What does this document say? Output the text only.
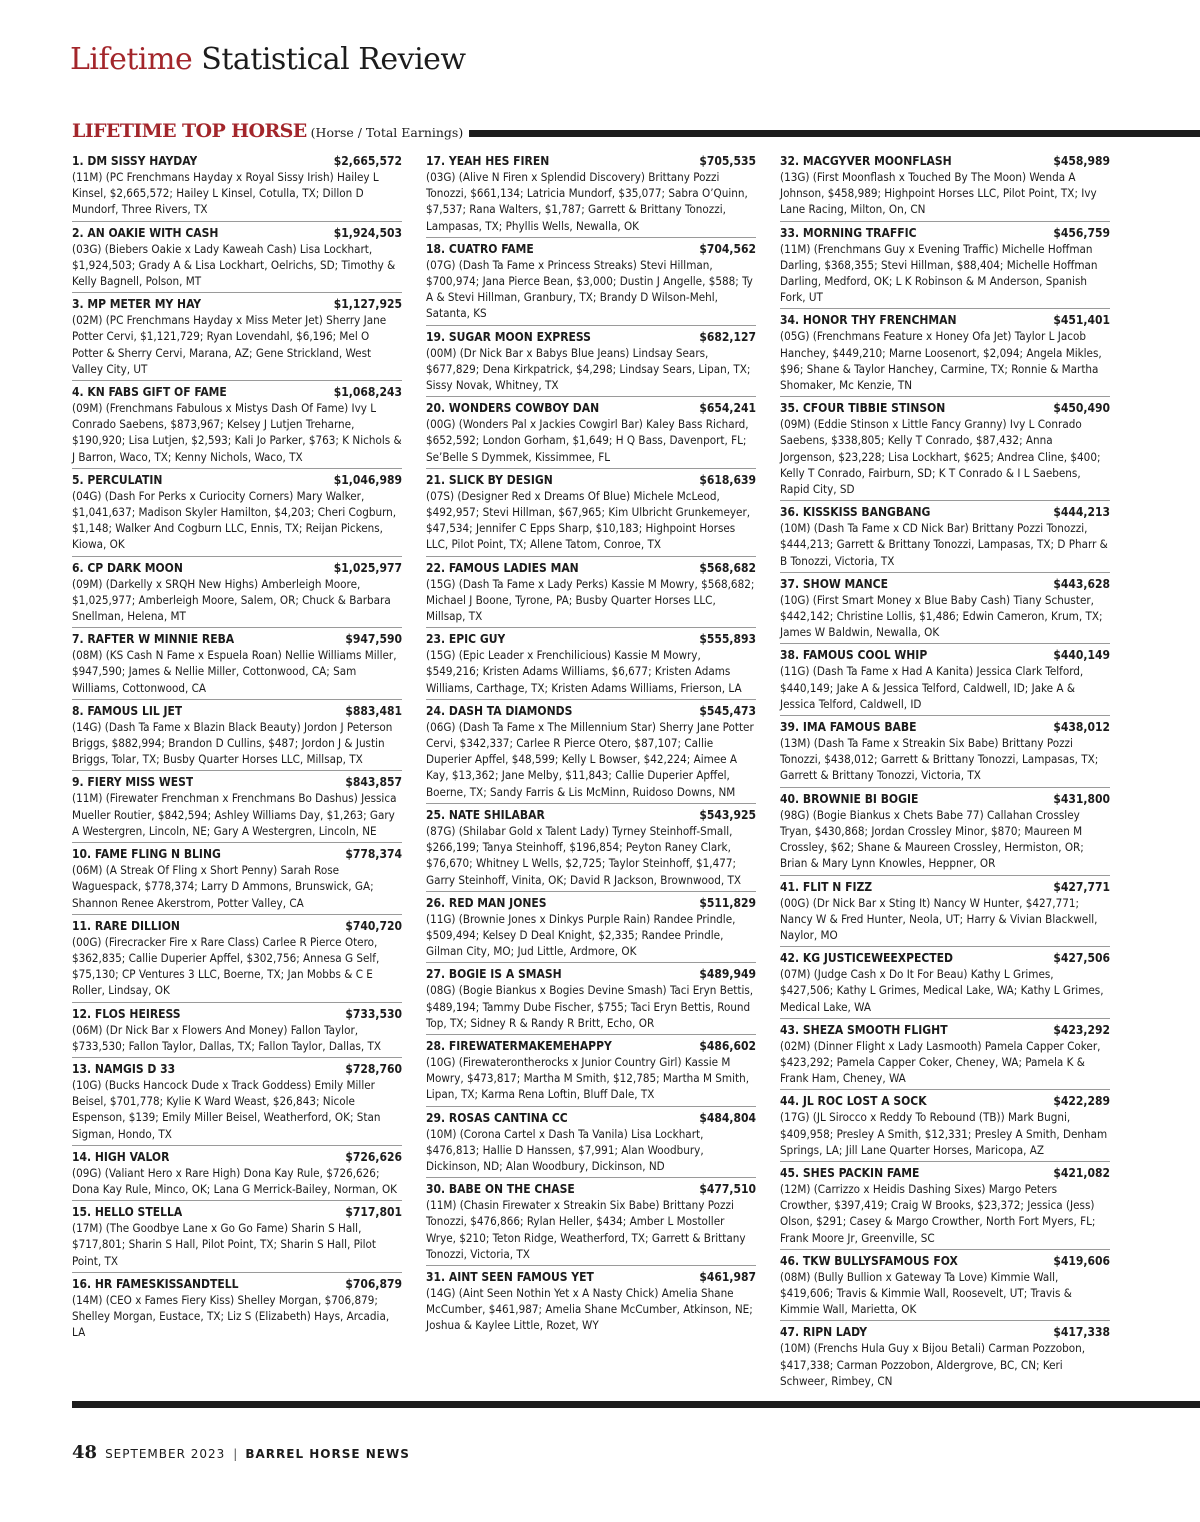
Lifetime Statistical Review
LIFETIME TOP HORSE (Horse / Total Earnings)
1. DM SISSY HAYDAY	$2,665,572

(11M) (PC Frenchmans Hayday x Royal Sissy Irish) Hailey L Kinsel, $2,665,572; Hailey L Kinsel, Cotulla, TX; Dillon D Mundorf, Three Rivers, TX

2. AN OAKIE WITH CASH	$1,924,503

(03G) (Biebers Oakie x Lady Kaweah Cash) Lisa Lockhart, $1,924,503; Grady A & Lisa Lockhart, Oelrichs, SD; Timothy & Kelly Bagnell, Polson, MT

3. MP METER MY HAY	$1,127,925

(02M) (PC Frenchmans Hayday x Miss Meter Jet) Sherry Jane Potter Cervi, $1,121,729; Ryan Lovendahl, $6,196; Mel O Potter & Sherry Cervi, Marana, AZ; Gene Strickland, West Valley City, UT

4. KN FABS GIFT OF FAME	$1,068,243

(09M) (Frenchmans Fabulous x Mistys Dash Of Fame) Ivy L Conrado Saebens, $873,967; Kelsey J Lutjen Treharne, $190,920; Lisa Lutjen, $2,593; Kali Jo Parker, $763; K Nichols & J Barron, Waco, TX; Kenny Nichols, Waco, TX

5. PERCULATIN	$1,046,989

(04G) (Dash For Perks x Curiocity Corners) Mary Walker, $1,041,637; Madison Skyler Hamilton, $4,203; Cheri Cogburn, $1,148; Walker And Cogburn LLC, Ennis, TX; Reijan Pickens, Kiowa, OK

6. CP DARK MOON	$1,025,977

(09M) (Darkelly x SRQH New Highs) Amberleigh Moore, $1,025,977; Amberleigh Moore, Salem, OR; Chuck & Barbara Snellman, Helena, MT

7. RAFTER W MINNIE REBA	$947,590

(08M) (KS Cash N Fame x Espuela Roan) Nellie Williams Miller, $947,590; James & Nellie Miller, Cottonwood, CA; Sam Williams, Cottonwood, CA

8. FAMOUS LIL JET	$883,481

(14G) (Dash Ta Fame x Blazin Black Beauty) Jordon J Peterson Briggs, $882,994; Brandon D Cullins, $487; Jordon J & Justin Briggs, Tolar, TX; Busby Quarter Horses LLC, Millsap, TX

9. FIERY MISS WEST	$843,857

(11M) (Firewater Frenchman x Frenchmans Bo Dashus) Jessica Mueller Routier, $842,594; Ashley Williams Day, $1,263; Gary A Westergren, Lincoln, NE; Gary A Westergren, Lincoln, NE

10. FAME FLING N BLING	$778,374

(06M) (A Streak Of Fling x Short Penny) Sarah Rose Waguespack, $778,374; Larry D Ammons, Brunswick, GA; Shannon Renee Akerstrom, Potter Valley, CA

11. RARE DILLION	$740,720

(00G) (Firecracker Fire x Rare Class) Carlee R Pierce Otero, $362,835; Callie Duperier Apffel, $302,756; Annesa G Self, $75,130; CP Ventures 3 LLC, Boerne, TX; Jan Mobbs & C E Roller, Lindsay, OK

12. FLOS HEIRESS	$733,530

(06M) (Dr Nick Bar x Flowers And Money) Fallon Taylor, $733,530; Fallon Taylor, Dallas, TX; Fallon Taylor, Dallas, TX

13. NAMGIS D 33	$728,760

(10G) (Bucks Hancock Dude x Track Goddess) Emily Miller Beisel, $701,778; Kylie K Ward Weast, $26,843; Nicole Espenson, $139; Emily Miller Beisel, Weatherford, OK; Stan Sigman, Hondo, TX

14. HIGH VALOR	$726,626

(09G) (Valiant Hero x Rare High) Dona Kay Rule, $726,626; Dona Kay Rule, Minco, OK; Lana G Merrick-Bailey, Norman, OK

15. HELLO STELLA	$717,801

(17M) (The Goodbye Lane x Go Go Fame) Sharin S Hall, $717,801; Sharin S Hall, Pilot Point, TX; Sharin S Hall, Pilot Point, TX

16. HR FAMESKISSANDTELL	$706,879

(14M) (CEO x Fames Fiery Kiss) Shelley Morgan, $706,879; Shelley Morgan, Eustace, TX; Liz S (Elizabeth) Hays, Arcadia, LA

17. YEAH HES FIREN	$705,535

(03G) (Alive N Firen x Splendid Discovery) Brittany Pozzi Tonozzi, $661,134; Latricia Mundorf, $35,077; Sabra O’Quinn, $7,537; Rana Walters, $1,787; Garrett & Brittany Tonozzi, Lampasas, TX; Phyllis Wells, Newalla, OK

18. CUATRO FAME	$704,562

(07G) (Dash Ta Fame x Princess Streaks) Stevi Hillman, $700,974; Jana Pierce Bean, $3,000; Dustin J Angelle, $588; Ty A & Stevi Hillman, Granbury, TX; Brandy D Wilson-Mehl, Satanta, KS

19. SUGAR MOON EXPRESS	$682,127

(00M) (Dr Nick Bar x Babys Blue Jeans) Lindsay Sears, $677,829; Dena Kirkpatrick, $4,298; Lindsay Sears, Lipan, TX; Sissy Novak, Whitney, TX

20. WONDERS COWBOY DAN	$654,241

(00G) (Wonders Pal x Jackies Cowgirl Bar) Kaley Bass Richard, $652,592; London Gorham, $1,649; H Q Bass, Davenport, FL; Se’Belle S Dymmek, Kissimmee, FL

21. SLICK BY DESIGN	$618,639

(07S) (Designer Red x Dreams Of Blue) Michele McLeod, $492,957; Stevi Hillman, $67,965; Kim Ulbricht Grunkemeyer, $47,534; Jennifer C Epps Sharp, $10,183; Highpoint Horses LLC, Pilot Point, TX; Allene Tatom, Conroe, TX

22. FAMOUS LADIES MAN	$568,682

(15G) (Dash Ta Fame x Lady Perks) Kassie M Mowry, $568,682; Michael J Boone, Tyrone, PA; Busby Quarter Horses LLC, Millsap, TX

23. EPIC GUY	$555,893

(15G) (Epic Leader x Frenchilicious) Kassie M Mowry, $549,216; Kristen Adams Williams, $6,677; Kristen Adams Williams, Carthage, TX; Kristen Adams Williams, Frierson, LA

24. DASH TA DIAMONDS	$545,473

(06G) (Dash Ta Fame x The Millennium Star) Sherry Jane Potter Cervi, $342,337; Carlee R Pierce Otero, $87,107; Callie Duperier Apffel, $48,599; Kelly L Bowser, $42,224; Aimee A Kay, $13,362; Jane Melby, $11,843; Callie Duperier Apffel, Boerne, TX; Sandy Farris & Lis McMinn, Ruidoso Downs, NM

25. NATE SHILABAR	$543,925

(87G) (Shilabar Gold x Talent Lady) Tyrney Steinhoff-Small, $266,199; Tanya Steinhoff, $196,854; Peyton Raney Clark, $76,670; Whitney L Wells, $2,725; Taylor Steinhoff, $1,477; Garry Steinhoff, Vinita, OK; David R Jackson, Brownwood, TX

26. RED MAN JONES	$511,829

(11G) (Brownie Jones x Dinkys Purple Rain) Randee Prindle, $509,494; Kelsey D Deal Knight, $2,335; Randee Prindle, Gilman City, MO; Jud Little, Ardmore, OK

27. BOGIE IS A SMASH	$489,949

(08G) (Bogie Biankus x Bogies Devine Smash) Taci Eryn Bettis, $489,194; Tammy Dube Fischer, $755; Taci Eryn Bettis, Round Top, TX; Sidney R & Randy R Britt, Echo, OR

28. FIREWATERMAKEMEHAPPY	$486,602

(10G) (Firewaterontherocks x Junior Country Girl) Kassie M Mowry, $473,817; Martha M Smith, $12,785; Martha M Smith, Lipan, TX; Karma Rena Loftin, Bluff Dale, TX

29. ROSAS CANTINA CC	$484,804

(10M) (Corona Cartel x Dash Ta Vanila) Lisa Lockhart, $476,813; Hallie D Hanssen, $7,991; Alan Woodbury, Dickinson, ND; Alan Woodbury, Dickinson, ND

30. BABE ON THE CHASE	$477,510

(11M) (Chasin Firewater x Streakin Six Babe) Brittany Pozzi Tonozzi, $476,866; Rylan Heller, $434; Amber L Mostoller Wrye, $210; Teton Ridge, Weatherford, TX; Garrett & Brittany Tonozzi, Victoria, TX

31. AINT SEEN FAMOUS YET	$461,987

(14G) (Aint Seen Nothin Yet x A Nasty Chick) Amelia Shane McCumber, $461,987; Amelia Shane McCumber, Atkinson, NE; Joshua & Kaylee Little, Rozet, WY

32. MACGYVER MOONFLASH	$458,989

(13G) (First Moonflash x Touched By The Moon) Wenda A Johnson, $458,989; Highpoint Horses LLC, Pilot Point, TX; Ivy Lane Racing, Milton, On, CN

33. MORNING TRAFFIC	$456,759

(11M) (Frenchmans Guy x Evening Traffic) Michelle Hoffman Darling, $368,355; Stevi Hillman, $88,404; Michelle Hoffman Darling, Medford, OK; L K Robinson & M Anderson, Spanish Fork, UT

34. HONOR THY FRENCHMAN	$451,401

(05G) (Frenchmans Feature x Honey Ofa Jet) Taylor L Jacob Hanchey, $449,210; Marne Loosenort, $2,094; Angela Mikles, $96; Shane & Taylor Hanchey, Carmine, TX; Ronnie & Martha Shomaker, Mc Kenzie, TN

35. CFOUR TIBBIE STINSON	$450,490

(09M) (Eddie Stinson x Little Fancy Granny) Ivy L Conrado Saebens, $338,805; Kelly T Conrado, $87,432; Anna Jorgenson, $23,228; Lisa Lockhart, $625; Andrea Cline, $400; Kelly T Conrado, Fairburn, SD; K T Conrado & I L Saebens, Rapid City, SD

36. KISSKISS BANGBANG	$444,213

(10M) (Dash Ta Fame x CD Nick Bar) Brittany Pozzi Tonozzi, $444,213; Garrett & Brittany Tonozzi, Lampasas, TX; D Pharr & B Tonozzi, Victoria, TX

37. SHOW MANCE	$443,628

(10G) (First Smart Money x Blue Baby Cash) Tiany Schuster, $442,142; Christine Lollis, $1,486; Edwin Cameron, Krum, TX; James W Baldwin, Newalla, OK

38. FAMOUS COOL WHIP	$440,149

(11G) (Dash Ta Fame x Had A Kanita) Jessica Clark Telford, $440,149; Jake A & Jessica Telford, Caldwell, ID; Jake A & Jessica Telford, Caldwell, ID

39. IMA FAMOUS BABE	$438,012

(13M) (Dash Ta Fame x Streakin Six Babe) Brittany Pozzi Tonozzi, $438,012; Garrett & Brittany Tonozzi, Lampasas, TX; Garrett & Brittany Tonozzi, Victoria, TX

40. BROWNIE BI BOGIE	$431,800

(98G) (Bogie Biankus x Chets Babe 77) Callahan Crossley Tryan, $430,868; Jordan Crossley Minor, $870; Maureen M Crossley, $62; Shane & Maureen Crossley, Hermiston, OR; Brian & Mary Lynn Knowles, Heppner, OR

41. FLIT N FIZZ	$427,771

(00G) (Dr Nick Bar x Sting It) Nancy W Hunter, $427,771; Nancy W & Fred Hunter, Neola, UT; Harry & Vivian Blackwell, Naylor, MO

42. KG JUSTICEWEEXPECTED	$427,506

(07M) (Judge Cash x Do It For Beau) Kathy L Grimes, $427,506; Kathy L Grimes, Medical Lake, WA; Kathy L Grimes, Medical Lake, WA

43. SHEZA SMOOTH FLIGHT	$423,292

(02M) (Dinner Flight x Lady Lasmooth) Pamela Capper Coker, $423,292; Pamela Capper Coker, Cheney, WA; Pamela K & Frank Ham, Cheney, WA

44. JL ROC LOST A SOCK	$422,289

(17G) (JL Sirocco x Reddy To Rebound (TB)) Mark Bugni, $409,958; Presley A Smith, $12,331; Presley A Smith, Denham Springs, LA; Jill Lane Quarter Horses, Maricopa, AZ

45. SHES PACKIN FAME	$421,082

(12M) (Carrizzo x Heidis Dashing Sixes) Margo Peters Crowther, $397,419; Craig W Brooks, $23,372; Jessica (Jess) Olson, $291; Casey & Margo Crowther, North Fort Myers, FL; Frank Moore Jr, Greenville, SC

46. TKW BULLYSFAMOUS FOX	$419,606

(08M) (Bully Bullion x Gateway Ta Love) Kimmie Wall, $419,606; Travis & Kimmie Wall, Roosevelt, UT; Travis & Kimmie Wall, Marietta, OK

47. RIPN LADY	$417,338

(10M) (Frenchs Hula Guy x Bijou Betali) Carman Pozzobon, $417,338; Carman Pozzobon, Aldergrove, BC, CN; Keri Schweer, Rimbey, CN

48 SEPTEMBER 2023 | BARREL HORSE NEWS
